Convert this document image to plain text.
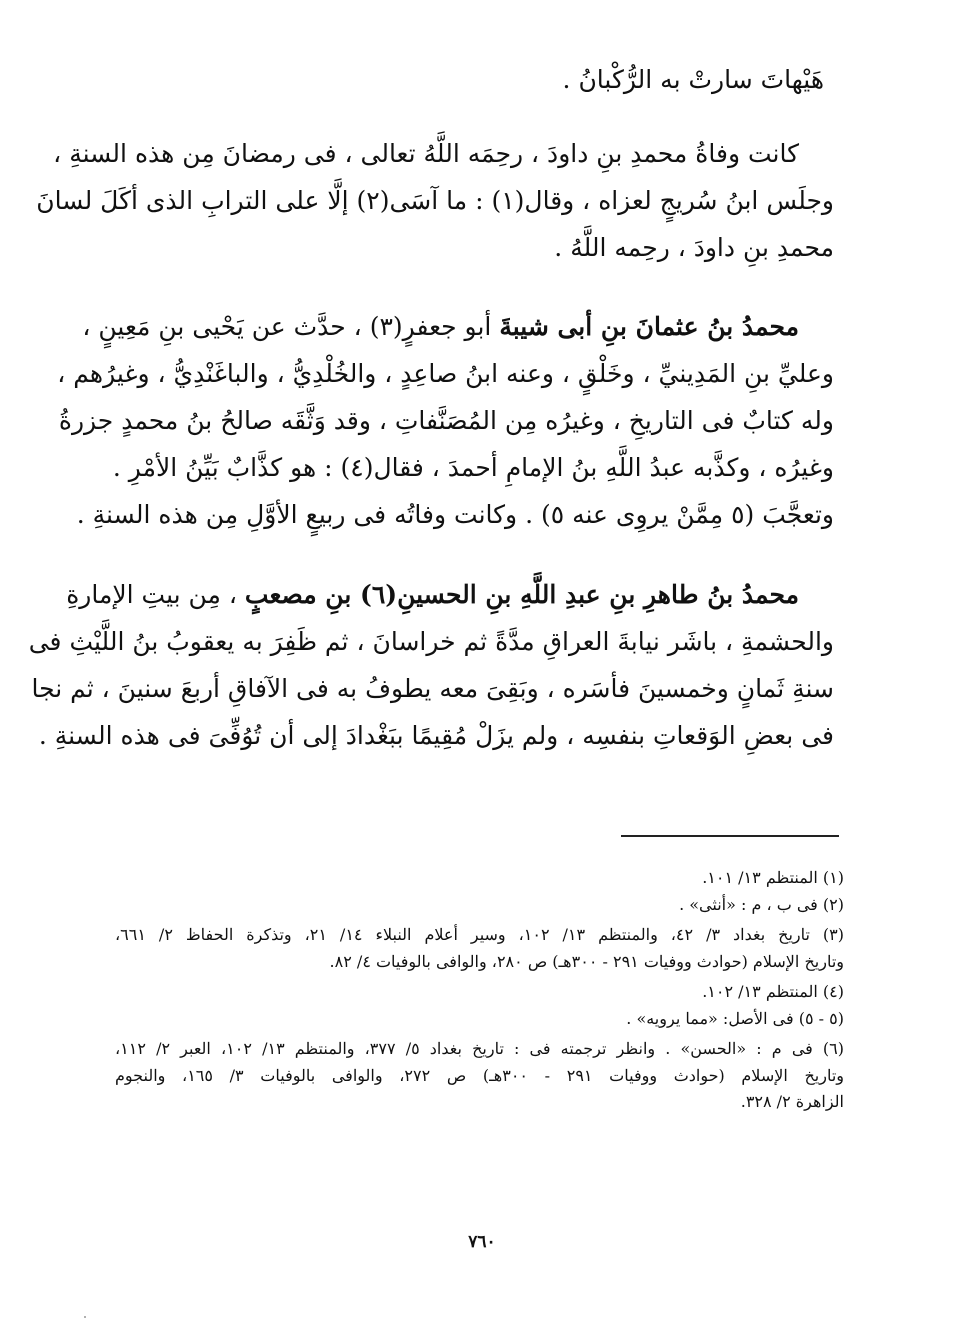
هَيْهاتَ سارتْ به الرُّكْبانُ .
كانت وفاةُ محمدِ بنِ داودَ ، رحِمَه اللَّهُ تعالى ، فى رمضانَ مِن هذه السنةِ ،
وجلَس ابنُ سُريجٍ لعزاه ، وقال(١) : ما آسَى(٢) إلَّا على الترابِ الذى أكَلَ لسانَ
محمدِ بنِ داودَ ، رحِمه اللَّهُ .
محمدُ بنُ عثمانَ بنِ أبى شيبةَ أبو جعفرٍ(٣) ، حدَّث عن يَحْيى بنِ مَعِينٍ ،
وعليِّ بنِ المَدِينيِّ ، وخَلْقٍ ، وعنه ابنُ صاعِدٍ ، والخُلْدِيُّ ، والباغَنْدِيُّ ، وغيرُهم ،
وله كتابٌ فى التاريخِ ، وغيرُه مِن المُصَنَّفاتِ ، وقد وَثَّقَه صالحُ بنُ محمدٍ جزرةُ
وغيرُه ، وكذَّبه عبدُ اللَّهِ بنُ الإمامِ أحمدَ ، فقال(٤) : هو كذَّابٌ بَيِّنُ الأمْرِ .
وتعجَّبَ (٥ مِمَّنْ يروِى عنه ٥) . وكانت وفاتُه فى ربيعٍ الأوَّلِ مِن هذه السنةِ .
محمدُ بنُ طاهرِ بنِ عبدِ اللَّهِ بنِ الحسينِ(٦) بنِ مصعبٍ ، مِن بيتِ الإمارةِ
والحشمةِ ، باشَر نيابةَ العراقِ مدَّةً ثم خراسانَ ، ثم ظَفِرَ به يعقوبُ بنُ اللَّيْثِ فى
سنةِ ثَمانٍ وخمسينَ فأسَره ، وبَقِىَ معه يطوفُ به فى الآفاقِ أربعَ سنينَ ، ثم نجا
فى بعضِ الوَقعاتِ بنفسِه ، ولم يزَلْ مُقِيمًا ببَغْدادَ إلى أن تُوُفِّىَ فى هذه السنةِ .
(١) المنتظم ١٣/ ١٠١.
(٢) فى ب ، م : «أنثى» .
(٣) تاريخ بغداد ٣/ ٤٢، والمنتظم ١٣/ ١٠٢، وسير أعلام النبلاء ١٤/ ٢١، وتذكرة الحفاظ ٢/ ٦٦١،
وتاريخ الإسلام (حوادث ووفيات ٢٩١ - ٣٠٠هـ) ص ٢٨٠، والوافى بالوفيات ٤/ ٨٢.
(٤) المنتظم ١٣/ ١٠٢.
(٥ - ٥) فى الأصل: «مما يرويه» .
(٦) فى م : «الحسن» . وانظر ترجمته فى : تاريخ بغداد ٥/ ٣٧٧، والمنتظم ١٣/ ١٠٢، العبر ٢/ ١١٢،
وتاريخ الإسلام (حوادث ووفيات ٢٩١ - ٣٠٠هـ) ص ٢٧٢، والوافى بالوفيات ٣/ ١٦٥، والنجوم
الزاهرة ٢/ ٣٢٨.
٧٦٠
